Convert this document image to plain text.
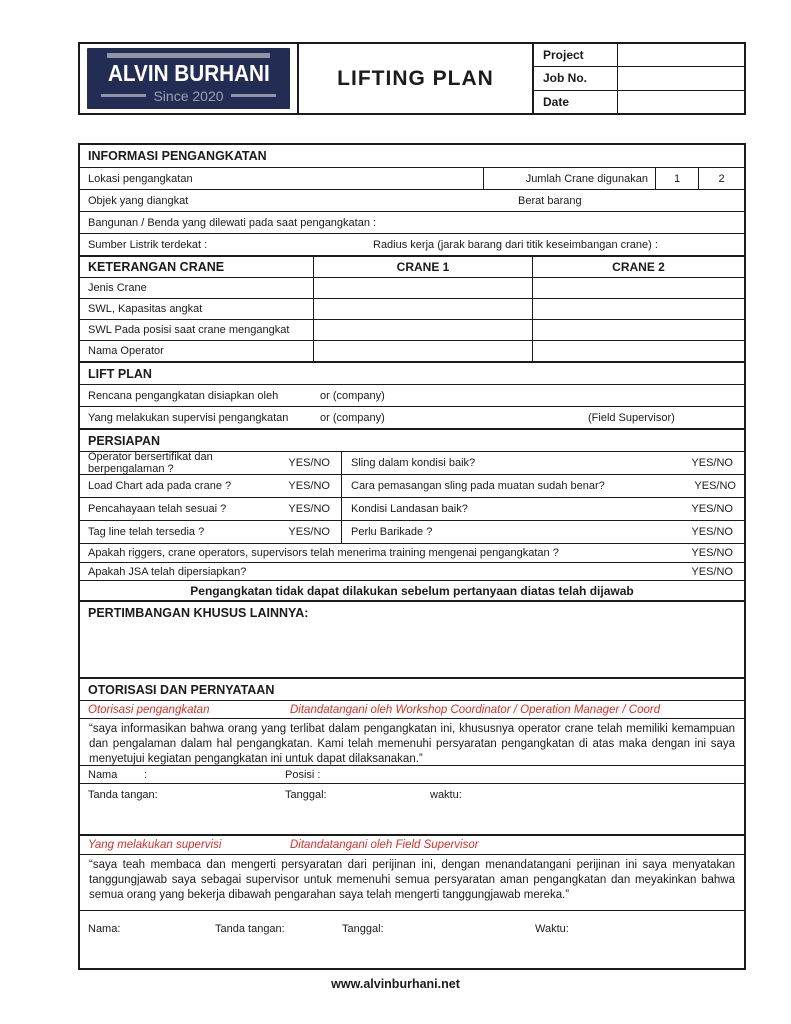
ALVIN BURHANI
Since 2020
LIFTING PLAN
Project
Job No.
Date
INFORMASI PENGANGKATAN
Lokasi pengangkatan	Jumlah Crane digunakan	1	2
Objek yang diangkat	Berat barang
Bangunan / Benda yang dilewati pada saat pengangkatan :
Sumber Listrik terdekat :	Radius kerja (jarak barang dari titik keseimbangan crane) :
KETERANGAN CRANE	CRANE 1	CRANE 2
Jenis Crane
SWL, Kapasitas angkat
SWL Pada posisi saat crane mengangkat
Nama Operator
LIFT PLAN
Rencana pengangkatan disiapkan oleh	or (company)
Yang melakukan supervisi pengangkatan	or (company)	(Field Supervisor)
PERSIAPAN
Operator bersertifikat dan berpengalaman ?	YES/NO	Sling dalam kondisi baik?	YES/NO
Load Chart ada pada crane ?	YES/NO	Cara pemasangan sling pada muatan sudah benar?	YES/NO
Pencahayaan telah sesuai ?	YES/NO	Kondisi Landasan baik?	YES/NO
Tag line telah tersedia ?	YES/NO	Perlu Barikade ?	YES/NO
Apakah riggers, crane operators, supervisors telah menerima training mengenai pengangkatan ?	YES/NO
Apakah JSA telah dipersiapkan?	YES/NO
Pengangkatan tidak dapat dilakukan sebelum pertanyaan diatas telah dijawab
PERTIMBANGAN KHUSUS LAINNYA:
OTORISASI DAN PERNYATAAN
Otorisasi pengangkatan	Ditandatangani oleh Workshop Coordinator / Operation Manager / Coord
“saya informasikan bahwa orang yang terlibat dalam pengangkatan ini, khususnya operator crane telah memiliki kemampuan dan pengalaman dalam hal pengangkatan. Kami telah memenuhi persyaratan pengangkatan di atas maka dengan ini saya menyetujui kegiatan pengangkatan ini untuk dapat dilaksanakan.”
Nama :	Posisi :
Tanda tangan:	Tanggal:	waktu:
Yang melakukan supervisi	Ditandatangani oleh Field Supervisor
“saya teah membaca dan mengerti persyaratan dari perijinan ini, dengan menandatangani perijinan ini saya menyatakan tanggungjawab saya sebagai supervisor untuk memenuhi semua persyaratan aman pengangkatan dan meyakinkan bahwa semua orang yang bekerja dibawah pengarahan saya telah mengerti tanggungjawab mereka.”
Nama:	Tanda tangan:	Tanggal:	Waktu:
www.alvinburhani.net
